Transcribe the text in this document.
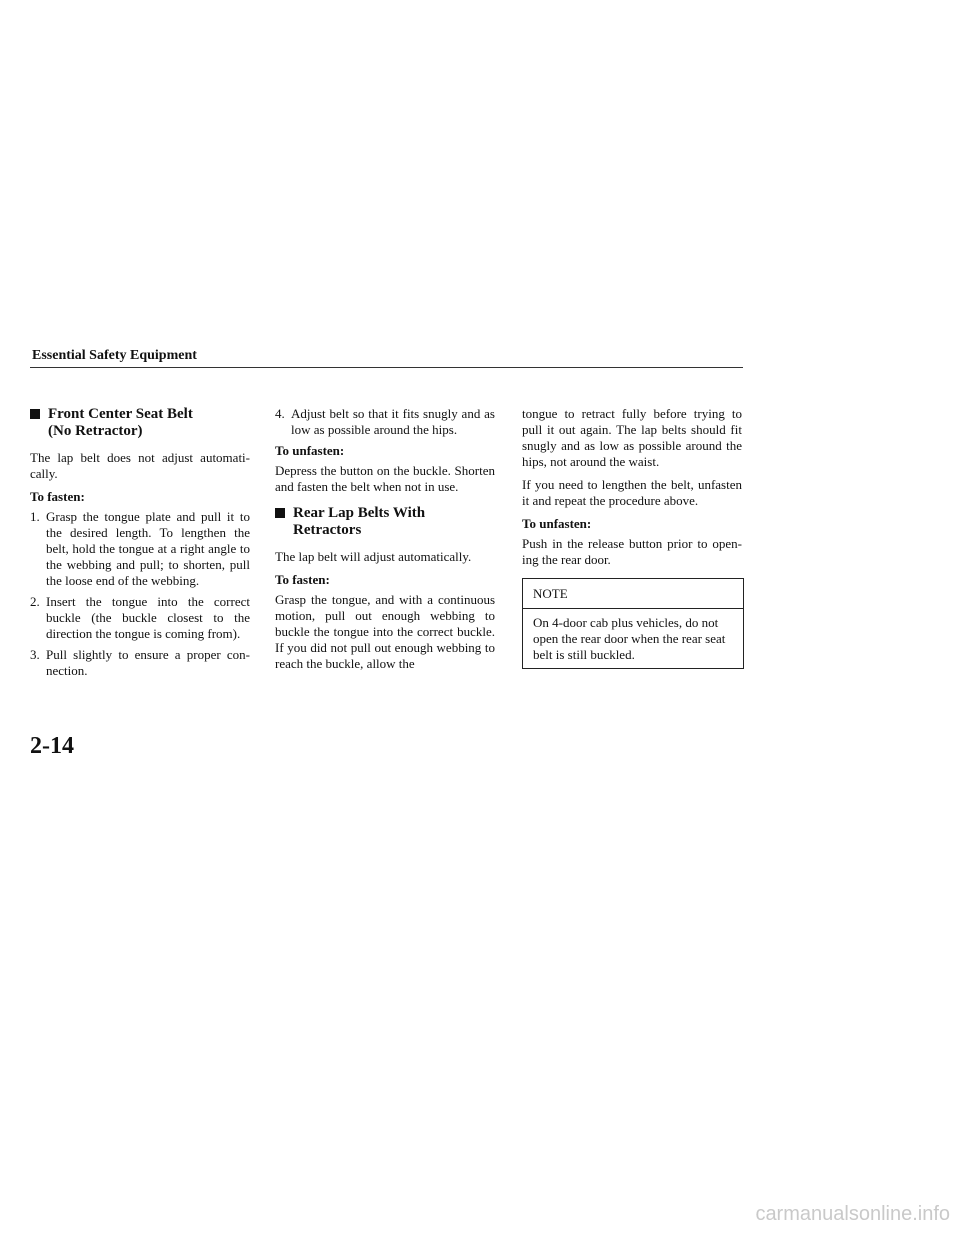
Essential Safety Equipment
Front Center Seat Belt
(No Retractor)

The lap belt does not adjust automati-cally.

To fasten:

1. Grasp the tongue plate and pull it to the desired length. To lengthen the belt, hold the tongue at a right angle to the webbing and pull; to shorten, pull the loose end of the webbing.
2. Insert the tongue into the correct buckle (the buckle closest to the direction the tongue is coming from).
3. Pull slightly to ensure a proper con-nection.
4. Adjust belt so that it fits snugly and as low as possible around the hips.

To unfasten:

Depress the button on the buckle. Shorten and fasten the belt when not in use.

Rear Lap Belts With
Retractors

The lap belt will adjust automatically.

To fasten:

Grasp the tongue, and with a continuous motion, pull out enough webbing to buckle the tongue into the correct buckle. If you did not pull out enough webbing to reach the buckle, allow the

tongue to retract fully before trying to pull it out again. The lap belts should fit snugly and as low as possible around the hips, not around the waist.

If you need to lengthen the belt, unfasten it and repeat the procedure above.

To unfasten:

Push in the release button prior to open-ing the rear door.

NOTE
On 4-door cab plus vehicles, do not open the rear door when the rear seat belt is still buckled.
2-14
carmanualsonline.info
